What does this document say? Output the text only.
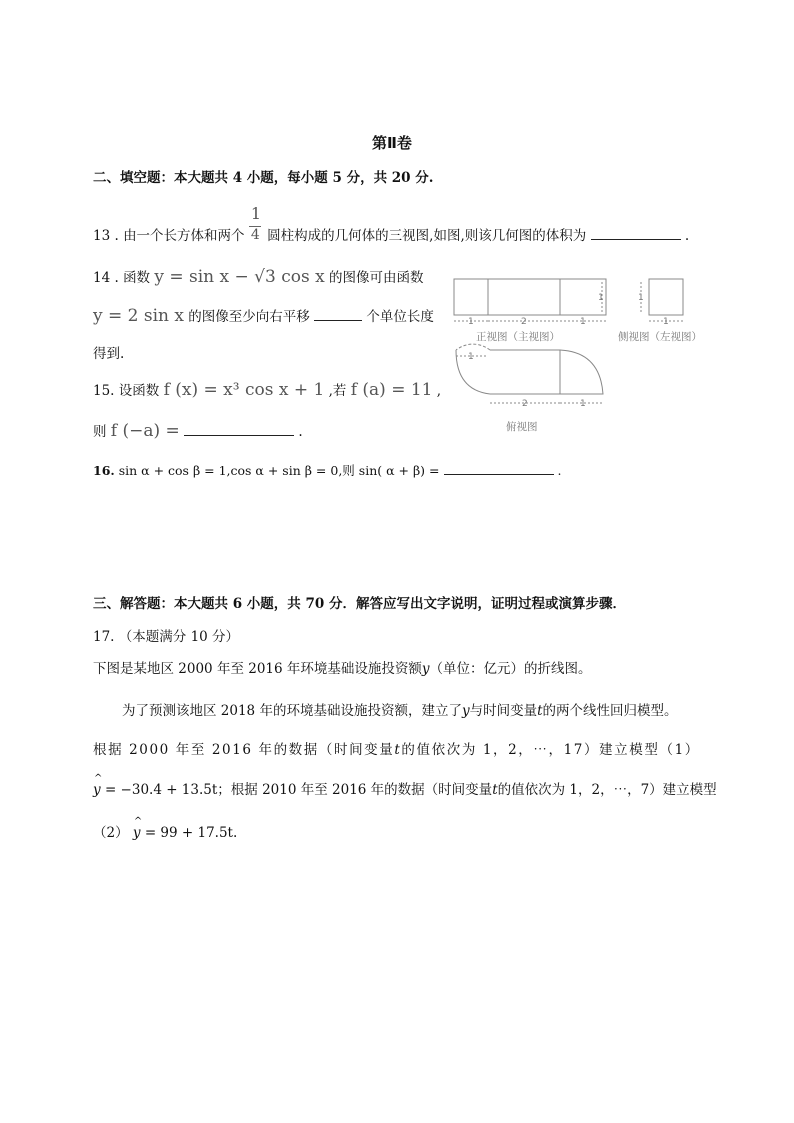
第Ⅱ卷
二、填空题：本大题共 4 小题，每小题 5 分，共 20 分.
13 . 由一个长方体和两个 $\frac{1}{4}$ 圆柱构成的几何体的三视图,如图,则该几何图的体积为	.
14 . 函数 y = sin x − √3 cos x 的图像可由函数
y = 2 sin x 的图像至少向右平移	个单位长度
得到.
15. 设函数 f (x) = x³ cos x + 1 ,若 f (a) = 11 ,
则 f (−a) =	.
16. sin α + cos β = 1,cos α + sin β = 0,则 sin( α + β) =	.
1	2	1
1	1
1
1
2	1
正视图（主视图）	侧视图（左视图）
俯视图
三、解答题：本大题共 6 小题，共 70 分．解答应写出文字说明，证明过程或演算步骤．
17. （本题满分 10 分）
下图是某地区 2000 年至 2016 年环境基础设施投资额y（单位：亿元）的折线图。
为了预测该地区 2018 年的环境基础设施投资额，建立了y与时间变量t的两个线性回归模型。
根据 2000 年至 2016 年的数据（时间变量t的值依次为 1，2，⋯，17）建立模型（1）
^ y = −30.4 + 13.5t；根据 2010 年至 2016 年的数据（时间变量t的值依次为 1，2，⋯，7）建立模型
（2） ^ y = 99 + 17.5t.
